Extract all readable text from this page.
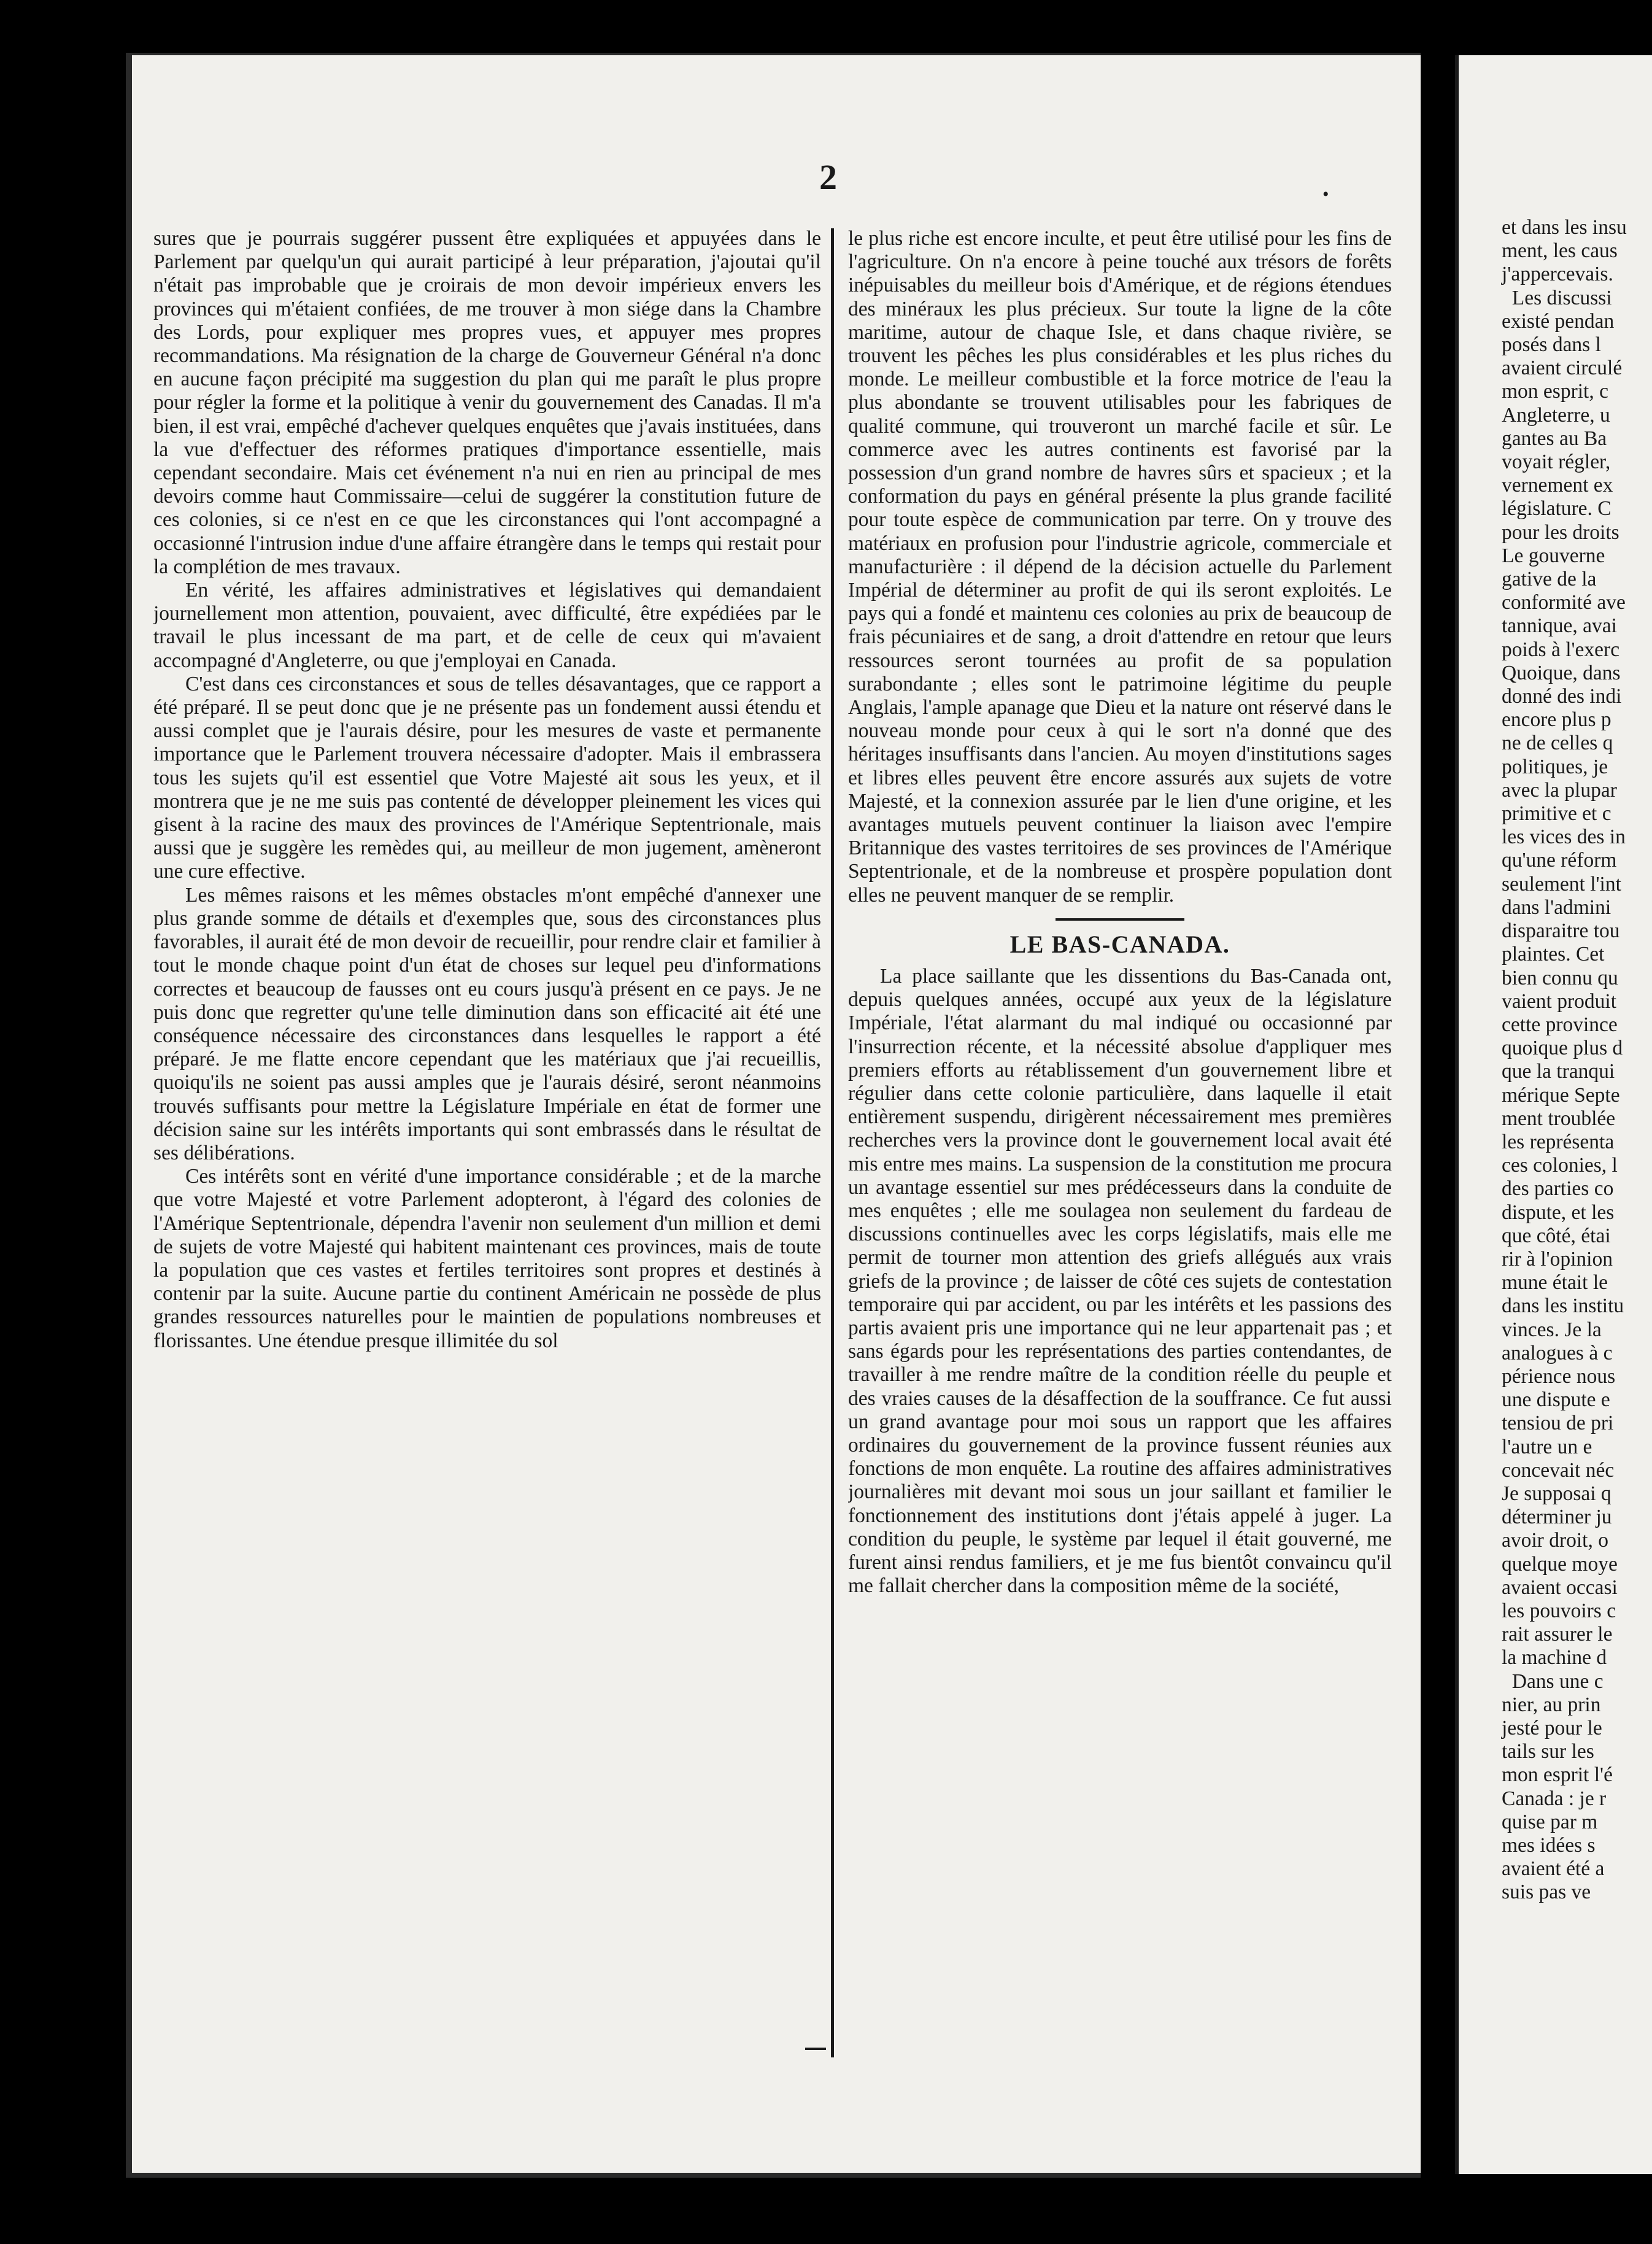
2	•

sures que je pourrais suggérer pussent être expliquées et appuyées dans le Parlement par quelqu'un qui aurait participé à leur préparation, j'ajoutai qu'il n'était pas improbable que je croirais de mon devoir impérieux envers les provinces qui m'étaient confiées, de me trouver à mon siége dans la Chambre des Lords, pour expliquer mes propres vues, et appuyer mes propres recommandations. Ma résignation de la charge de Gouverneur Général n'a donc en aucune façon précipité ma suggestion du plan qui me paraît le plus propre pour régler la forme et la politique à venir du gouvernement des Canadas. Il m'a bien, il est vrai, empêché d'achever quelques enquêtes que j'avais instituées, dans la vue d'effectuer des réformes pratiques d'importance essentielle, mais cependant secondaire. Mais cet événement n'a nui en rien au principal de mes devoirs comme haut Commissaire—celui de suggérer la constitution future de ces colonies, si ce n'est en ce que les circonstances qui l'ont accompagné a occasionné l'intrusion indue d'une affaire étrangère dans le temps qui restait pour la complétion de mes travaux.

En vérité, les affaires administratives et législatives qui demandaient journellement mon attention, pouvaient, avec difficulté, être expédiées par le travail le plus incessant de ma part, et de celle de ceux qui m'avaient accompagné d'Angleterre, ou que j'employai en Canada.

C'est dans ces circonstances et sous de telles désavantages, que ce rapport a été préparé. Il se peut donc que je ne présente pas un fondement aussi étendu et aussi complet que je l'aurais désire, pour les mesures de vaste et permanente importance que le Parlement trouvera nécessaire d'adopter. Mais il embrassera tous les sujets qu'il est essentiel que Votre Majesté ait sous les yeux, et il montrera que je ne me suis pas contenté de développer pleinement les vices qui gisent à la racine des maux des provinces de l'Amérique Septentrionale, mais aussi que je suggère les remèdes qui, au meilleur de mon jugement, amèneront une cure effective.

Les mêmes raisons et les mêmes obstacles m'ont empêché d'annexer une plus grande somme de détails et d'exemples que, sous des circonstances plus favorables, il aurait été de mon devoir de recueillir, pour rendre clair et familier à tout le monde chaque point d'un état de choses sur lequel peu d'informations correctes et beaucoup de fausses ont eu cours jusqu'à présent en ce pays. Je ne puis donc que regretter qu'une telle diminution dans son efficacité ait été une conséquence nécessaire des circonstances dans lesquelles le rapport a été préparé. Je me flatte encore cependant que les matériaux que j'ai recueillis, quoiqu'ils ne soient pas aussi amples que je l'aurais désiré, seront néanmoins trouvés suffisants pour mettre la Législature Impériale en état de former une décision saine sur les intérêts importants qui sont embrassés dans le résultat de ses délibérations.

Ces intérêts sont en vérité d'une importance considérable ; et de la marche que votre Majesté et votre Parlement adopteront, à l'égard des colonies de l'Amérique Septentrionale, dépendra l'avenir non seulement d'un million et demi de sujets de votre Majesté qui habitent maintenant ces provinces, mais de toute la population que ces vastes et fertiles territoires sont propres et destinés à contenir par la suite. Aucune partie du continent Américain ne possède de plus grandes ressources naturelles pour le maintien de populations nombreuses et florissantes. Une étendue presque illimitée du sol

le plus riche est encore inculte, et peut être utilisé pour les fins de l'agriculture. On n'a encore à peine touché aux trésors de forêts inépuisables du meilleur bois d'Amérique, et de régions étendues des minéraux les plus précieux. Sur toute la ligne de la côte maritime, autour de chaque Isle, et dans chaque rivière, se trouvent les pêches les plus considérables et les plus riches du monde. Le meilleur combustible et la force motrice de l'eau la plus abondante se trouvent utilisables pour les fabriques de qualité commune, qui trouveront un marché facile et sûr. Le commerce avec les autres continents est favorisé par la possession d'un grand nombre de havres sûrs et spacieux ; et la conformation du pays en général présente la plus grande facilité pour toute espèce de communication par terre. On y trouve des matériaux en profusion pour l'industrie agricole, commerciale et manufacturière : il dépend de la décision actuelle du Parlement Impérial de déterminer au profit de qui ils seront exploités. Le pays qui a fondé et maintenu ces colonies au prix de beaucoup de frais pécuniaires et de sang, a droit d'attendre en retour que leurs ressources seront tournées au profit de sa population surabondante ; elles sont le patrimoine légitime du peuple Anglais, l'ample apanage que Dieu et la nature ont réservé dans le nouveau monde pour ceux à qui le sort n'a donné que des héritages insuffisants dans l'ancien. Au moyen d'institutions sages et libres elles peuvent être encore assurés aux sujets de votre Majesté, et la connexion assurée par le lien d'une origine, et les avantages mutuels peuvent continuer la liaison avec l'empire Britannique des vastes territoires de ses provinces de l'Amérique Septentrionale, et de la nombreuse et prospère population dont elles ne peuvent manquer de se remplir.

LE BAS-CANADA.

La place saillante que les dissentions du Bas-Canada ont, depuis quelques années, occupé aux yeux de la législature Impériale, l'état alarmant du mal indiqué ou occasionné par l'insurrection récente, et la nécessité absolue d'appliquer mes premiers efforts au rétablissement d'un gouvernement libre et régulier dans cette colonie particulière, dans laquelle il etait entièrement suspendu, dirigèrent nécessairement mes premières recherches vers la province dont le gouvernement local avait été mis entre mes mains. La suspension de la constitution me procura un avantage essentiel sur mes prédécesseurs dans la conduite de mes enquêtes ; elle me soulagea non seulement du fardeau de discussions continuelles avec les corps législatifs, mais elle me permit de tourner mon attention des griefs allégués aux vrais griefs de la province ; de laisser de côté ces sujets de contestation temporaire qui par accident, ou par les intérêts et les passions des partis avaient pris une importance qui ne leur appartenait pas ; et sans égards pour les représentations des parties contendantes, de travailler à me rendre maître de la condition réelle du peuple et des vraies causes de la désaffection de la souffrance. Ce fut aussi un grand avantage pour moi sous un rapport que les affaires ordinaires du gouvernement de la province fussent réunies aux fonctions de mon enquête. La routine des affaires administratives journalières mit devant moi sous un jour saillant et familier le fonctionnement des institutions dont j'étais appelé à juger. La condition du peuple, le système par lequel il était gouverné, me furent ainsi rendus familiers, et je me fus bientôt convaincu qu'il me fallait chercher dans la composition même de la société,

et dans les insu
ment, les caus
j'appercevais.
Les discussi
existé pendan
posés dans l
avaient circulé
mon esprit, c
Angleterre, u
gantes au Ba
voyait régler,
vernement ex
législature. C
pour les droits
Le gouverne
gative de la
conformité ave
tannique, avai
poids à l'exerc
Quoique, dans
donné des indi
encore plus p
ne de celles q
politiques, je
avec la plupar
primitive et c
les vices des in
qu'une réform
seulement l'int
dans l'admini
disparaitre tou
plaintes. Cet
bien connu qu
vaient produit
cette province
quoique plus d
que la tranqui
mérique Septe
ment troublée
les représenta
ces colonies, l
des parties co
dispute, et les
que côté, étai
rir à l'opinion
mune était le
dans les institu
vinces. Je la
analogues à c
périence nous
une dispute e
tensiou de pri
l'autre un e
concevait néc
Je supposai q
déterminer ju
avoir droit, o
quelque moye
avaient occasi
les pouvoirs c
rait assurer le
la machine d
Dans une c
nier, au prin
jesté pour le
tails sur les
mon esprit l'é
Canada : je r
quise par m
mes idées s
avaient été a
suis pas ve
